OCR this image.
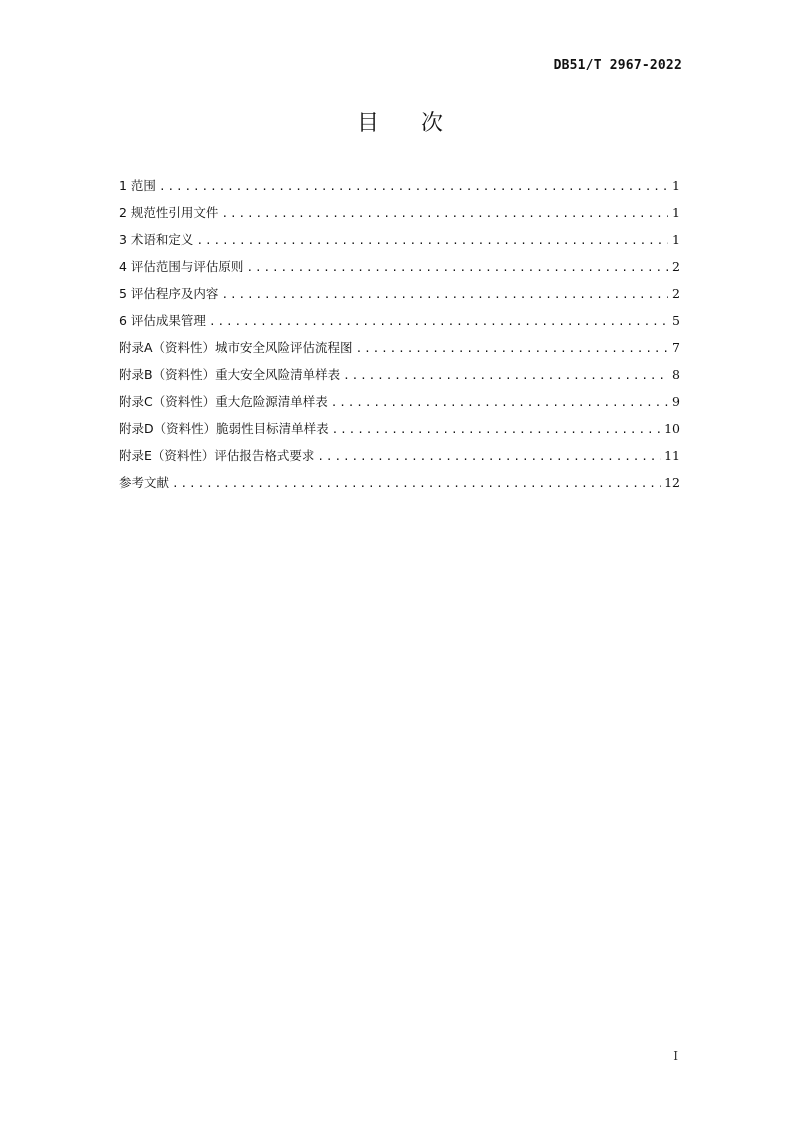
DB51/T 2967-2022
目 次
1 范围 .....	1
2 规范性引用文件 .....	1
3 术语和定义 .....	1
4 评估范围与评估原则 .....	2
5 评估程序及内容 .....	2
6 评估成果管理 .....	5
附录A（资料性）城市安全风险评估流程图 .....	7
附录B（资料性）重大安全风险清单样表 .....	8
附录C（资料性）重大危险源清单样表 .....	9
附录D（资料性）脆弱性目标清单样表 .....	10
附录E（资料性）评估报告格式要求 .....	11
参考文献 .....	12
I
